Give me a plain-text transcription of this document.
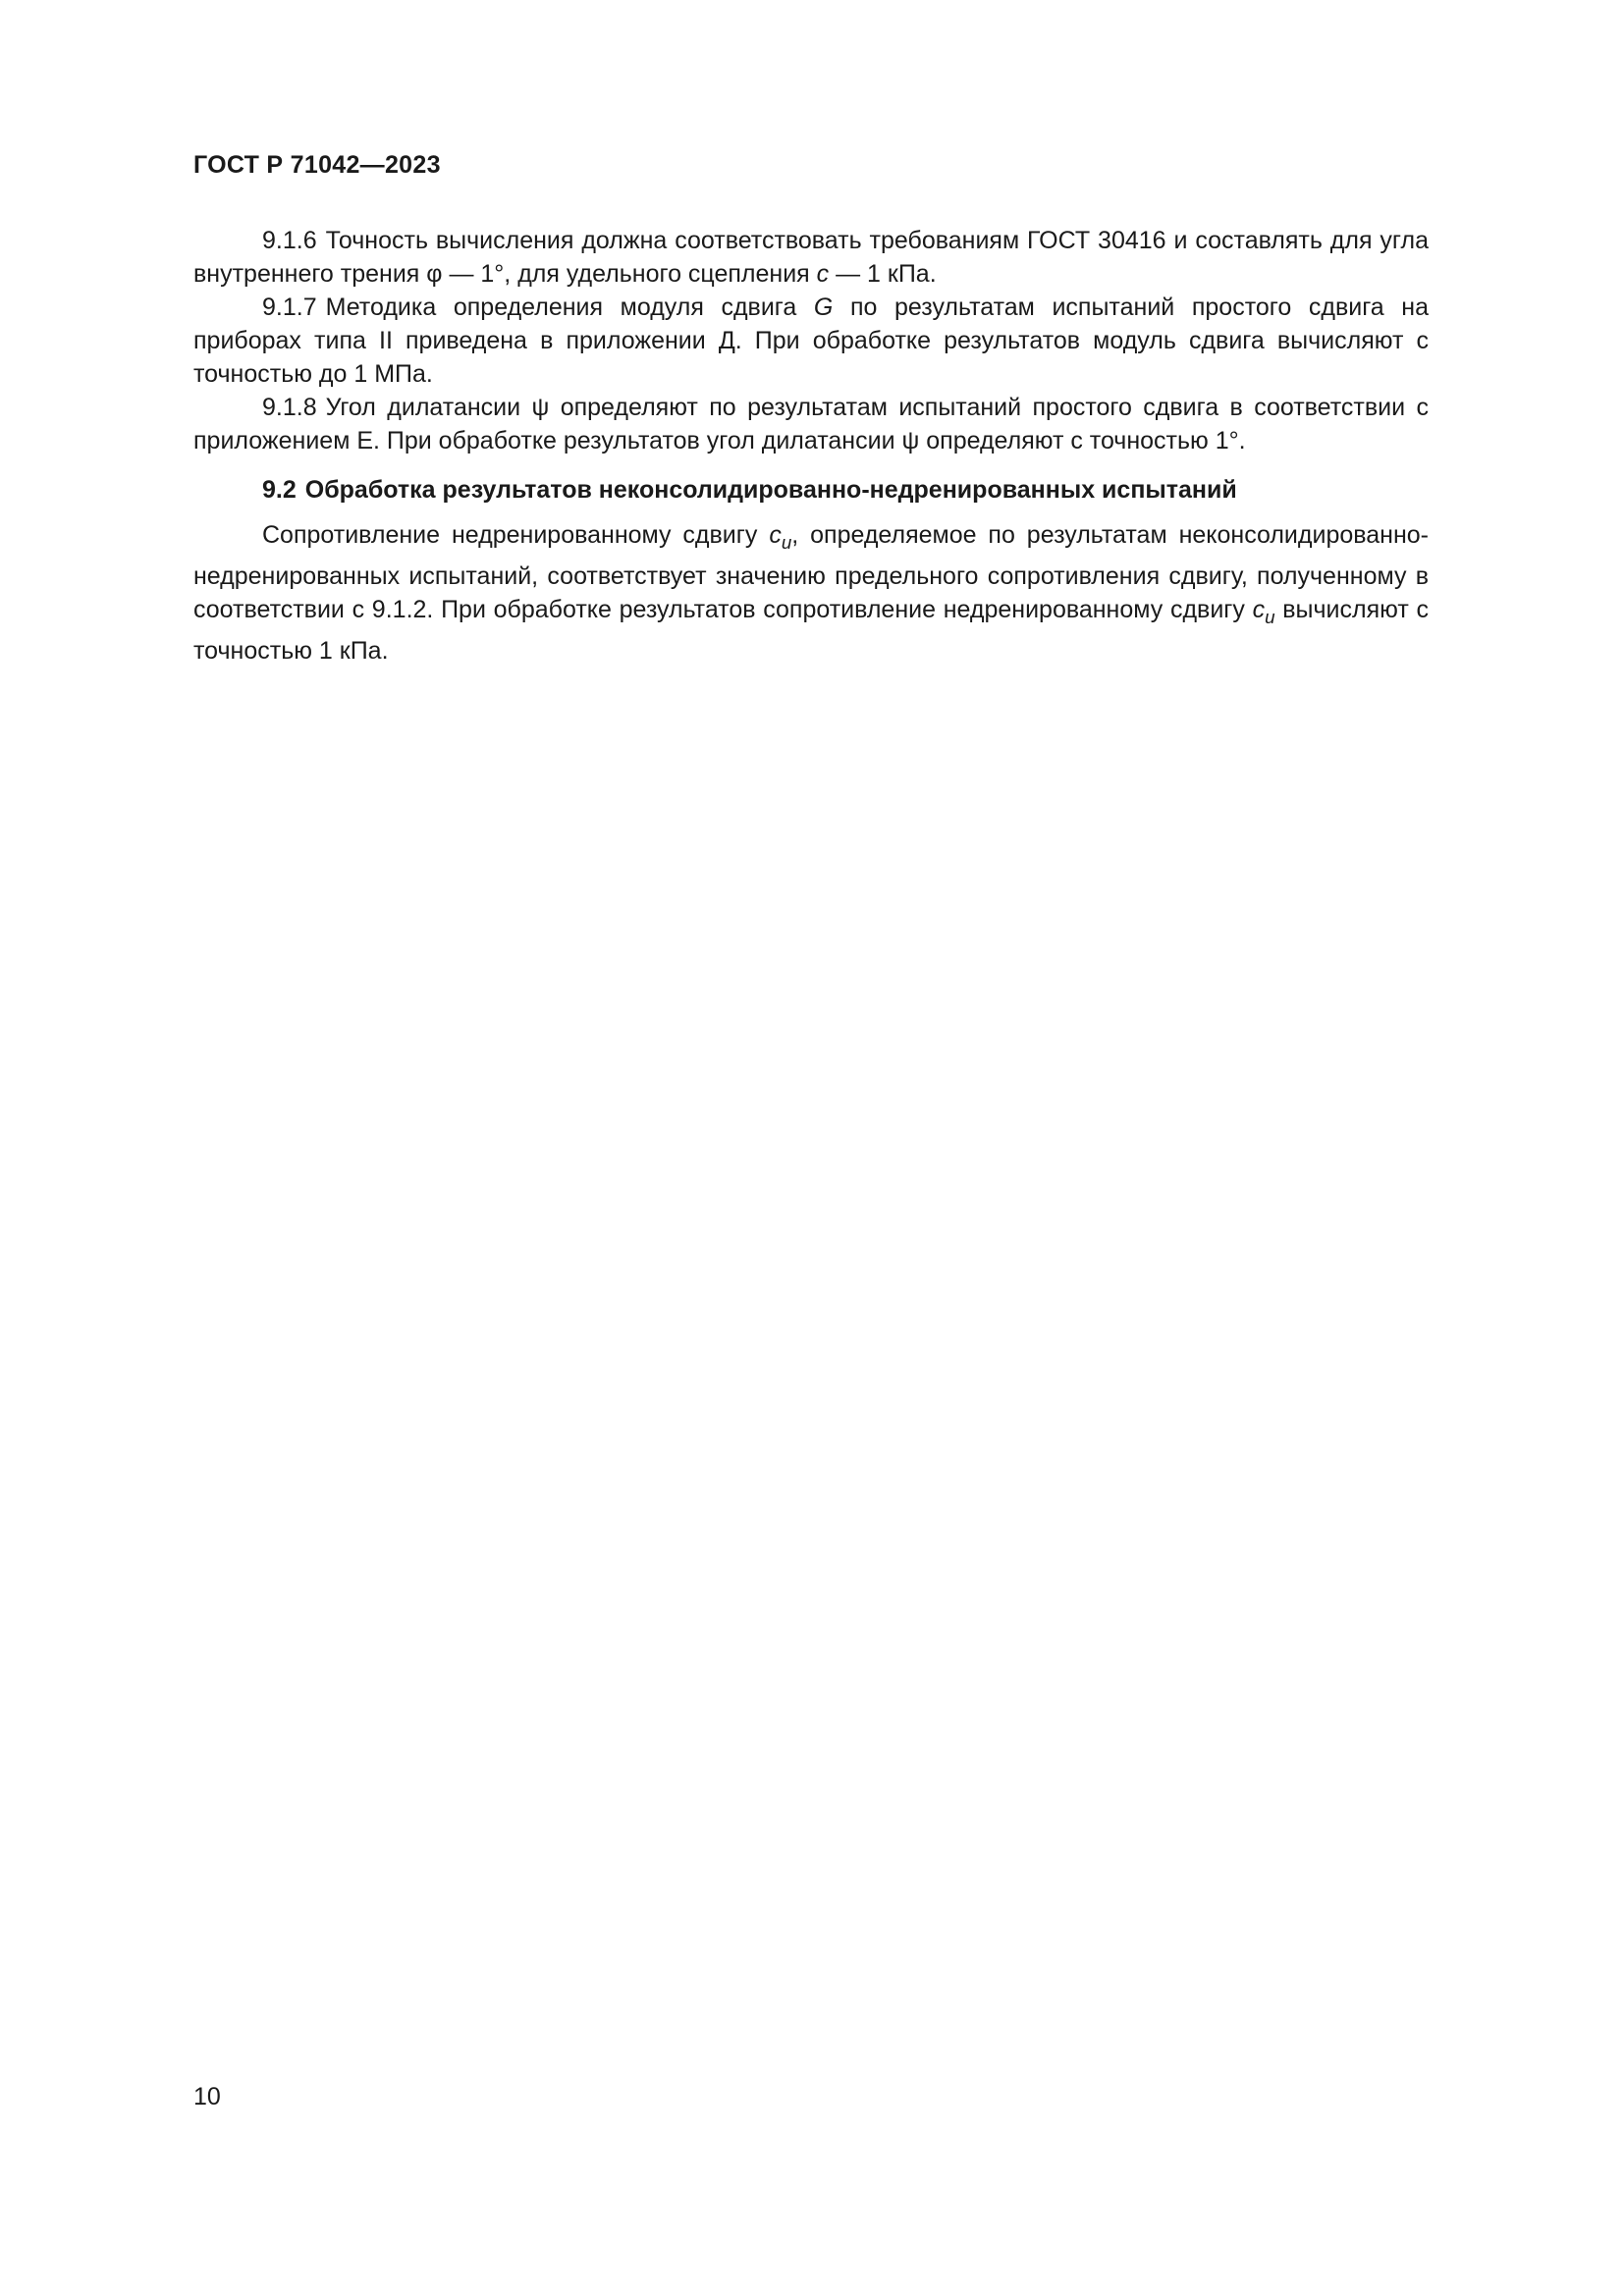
ГОСТ Р 71042—2023

9.1.6 Точность вычисления должна соответствовать требованиям ГОСТ 30416 и составлять для угла внутреннего трения φ — 1°, для удельного сцепления c — 1 кПа.

9.1.7 Методика определения модуля сдвига G по результатам испытаний простого сдвига на приборах типа II приведена в приложении Д. При обработке результатов модуль сдвига вычисляют с точностью до 1 МПа.

9.1.8 Угол дилатансии ψ определяют по результатам испытаний простого сдвига в соответствии с приложением Е. При обработке результатов угол дилатансии ψ определяют с точностью 1°.

9.2 Обработка результатов неконсолидированно-недренированных испытаний

Сопротивление недренированному сдвигу $c_u$, определяемое по результатам неконсолидированно-недренированных испытаний, соответствует значению предельного сопротивления сдвигу, полученному в соответствии с 9.1.2. При обработке результатов сопротивление недренированному сдвигу $c_u$ вычисляют с точностью 1 кПа.

10
